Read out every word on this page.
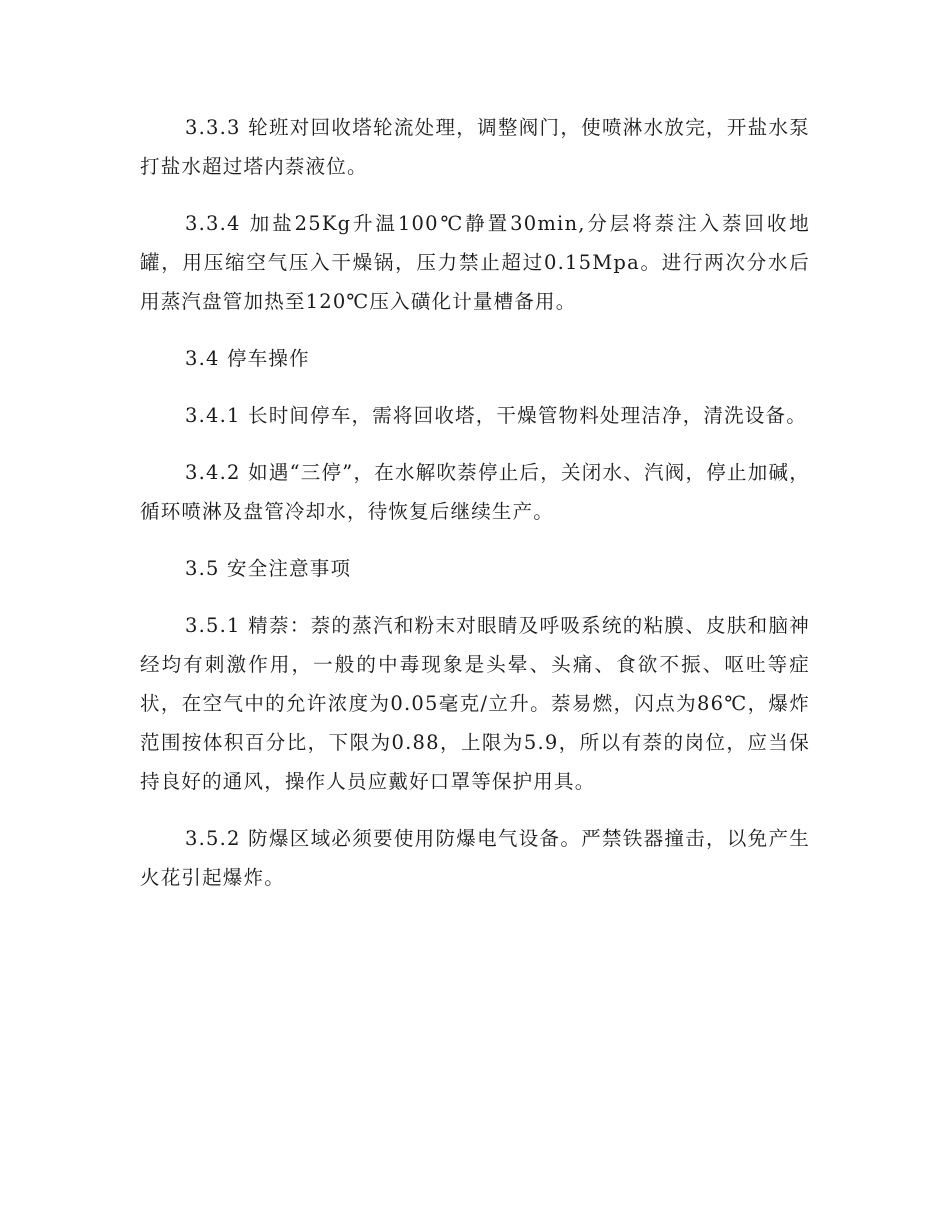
3.3.3 轮班对回收塔轮流处理，调整阀门，使喷淋水放完，开盐水泵打盐水超过塔内萘液位。

3.3.4 加盐25Kg升温100℃静置30min,分层将萘注入萘回收地罐，用压缩空气压入干燥锅，压力禁止超过0.15Mpa。进行两次分水后用蒸汽盘管加热至120℃压入磺化计量槽备用。

3.4 停车操作

3.4.1 长时间停车，需将回收塔，干燥管物料处理洁净，清洗设备。

3.4.2 如遇“三停”，在水解吹萘停止后，关闭水、汽阀，停止加碱，循环喷淋及盘管冷却水，待恢复后继续生产。

3.5 安全注意事项

3.5.1 精萘：萘的蒸汽和粉末对眼睛及呼吸系统的粘膜、皮肤和脑神经均有刺激作用，一般的中毒现象是头晕、头痛、食欲不振、呕吐等症状，在空气中的允许浓度为0.05毫克/立升。萘易燃，闪点为86℃，爆炸范围按体积百分比，下限为0.88，上限为5.9，所以有萘的岗位，应当保持良好的通风，操作人员应戴好口罩等保护用具。

3.5.2 防爆区域必须要使用防爆电气设备。严禁铁器撞击，以免产生火花引起爆炸。
